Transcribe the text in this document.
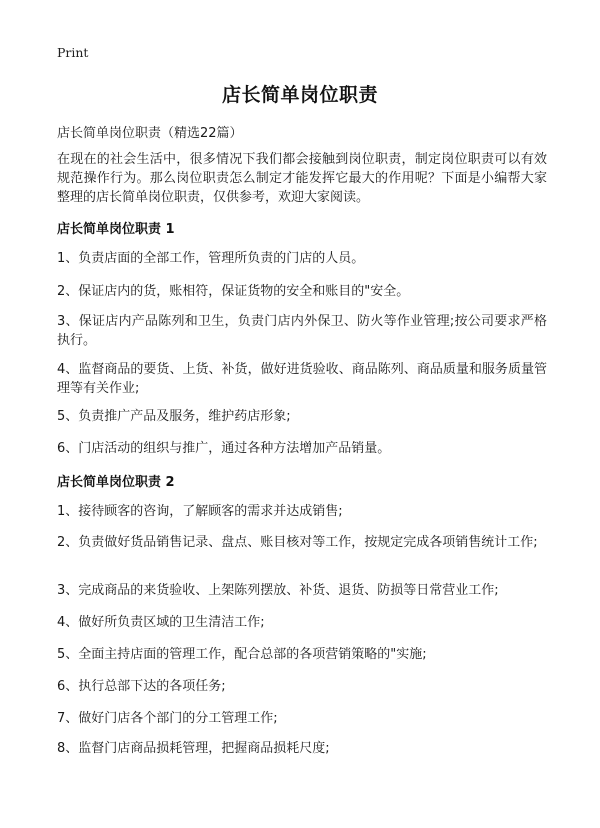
Print
店长简单岗位职责
店长简单岗位职责（精选22篇）
在现在的社会生活中，很多情况下我们都会接触到岗位职责，制定岗位职责可以有效规范操作行为。那么岗位职责怎么制定才能发挥它最大的作用呢？下面是小编帮大家整理的店长简单岗位职责，仅供参考，欢迎大家阅读。
店长简单岗位职责 1
1、负责店面的全部工作，管理所负责的门店的人员。
2、保证店内的货，账相符，保证货物的安全和账目的"安全。
3、保证店内产品陈列和卫生，负责门店内外保卫、防火等作业管理;按公司要求严格执行。
4、监督商品的要货、上货、补货，做好进货验收、商品陈列、商品质量和服务质量管理等有关作业;
5、负责推广产品及服务，维护药店形象;
6、门店活动的组织与推广，通过各种方法增加产品销量。
店长简单岗位职责 2
1、接待顾客的咨询，了解顾客的需求并达成销售;
2、负责做好货品销售记录、盘点、账目核对等工作，按规定完成各项销售统计工作;
3、完成商品的来货验收、上架陈列摆放、补货、退货、防损等日常营业工作;
4、做好所负责区域的卫生清洁工作;
5、全面主持店面的管理工作，配合总部的各项营销策略的"实施;
6、执行总部下达的各项任务;
7、做好门店各个部门的分工管理工作;
8、监督门店商品损耗管理，把握商品损耗尺度;
